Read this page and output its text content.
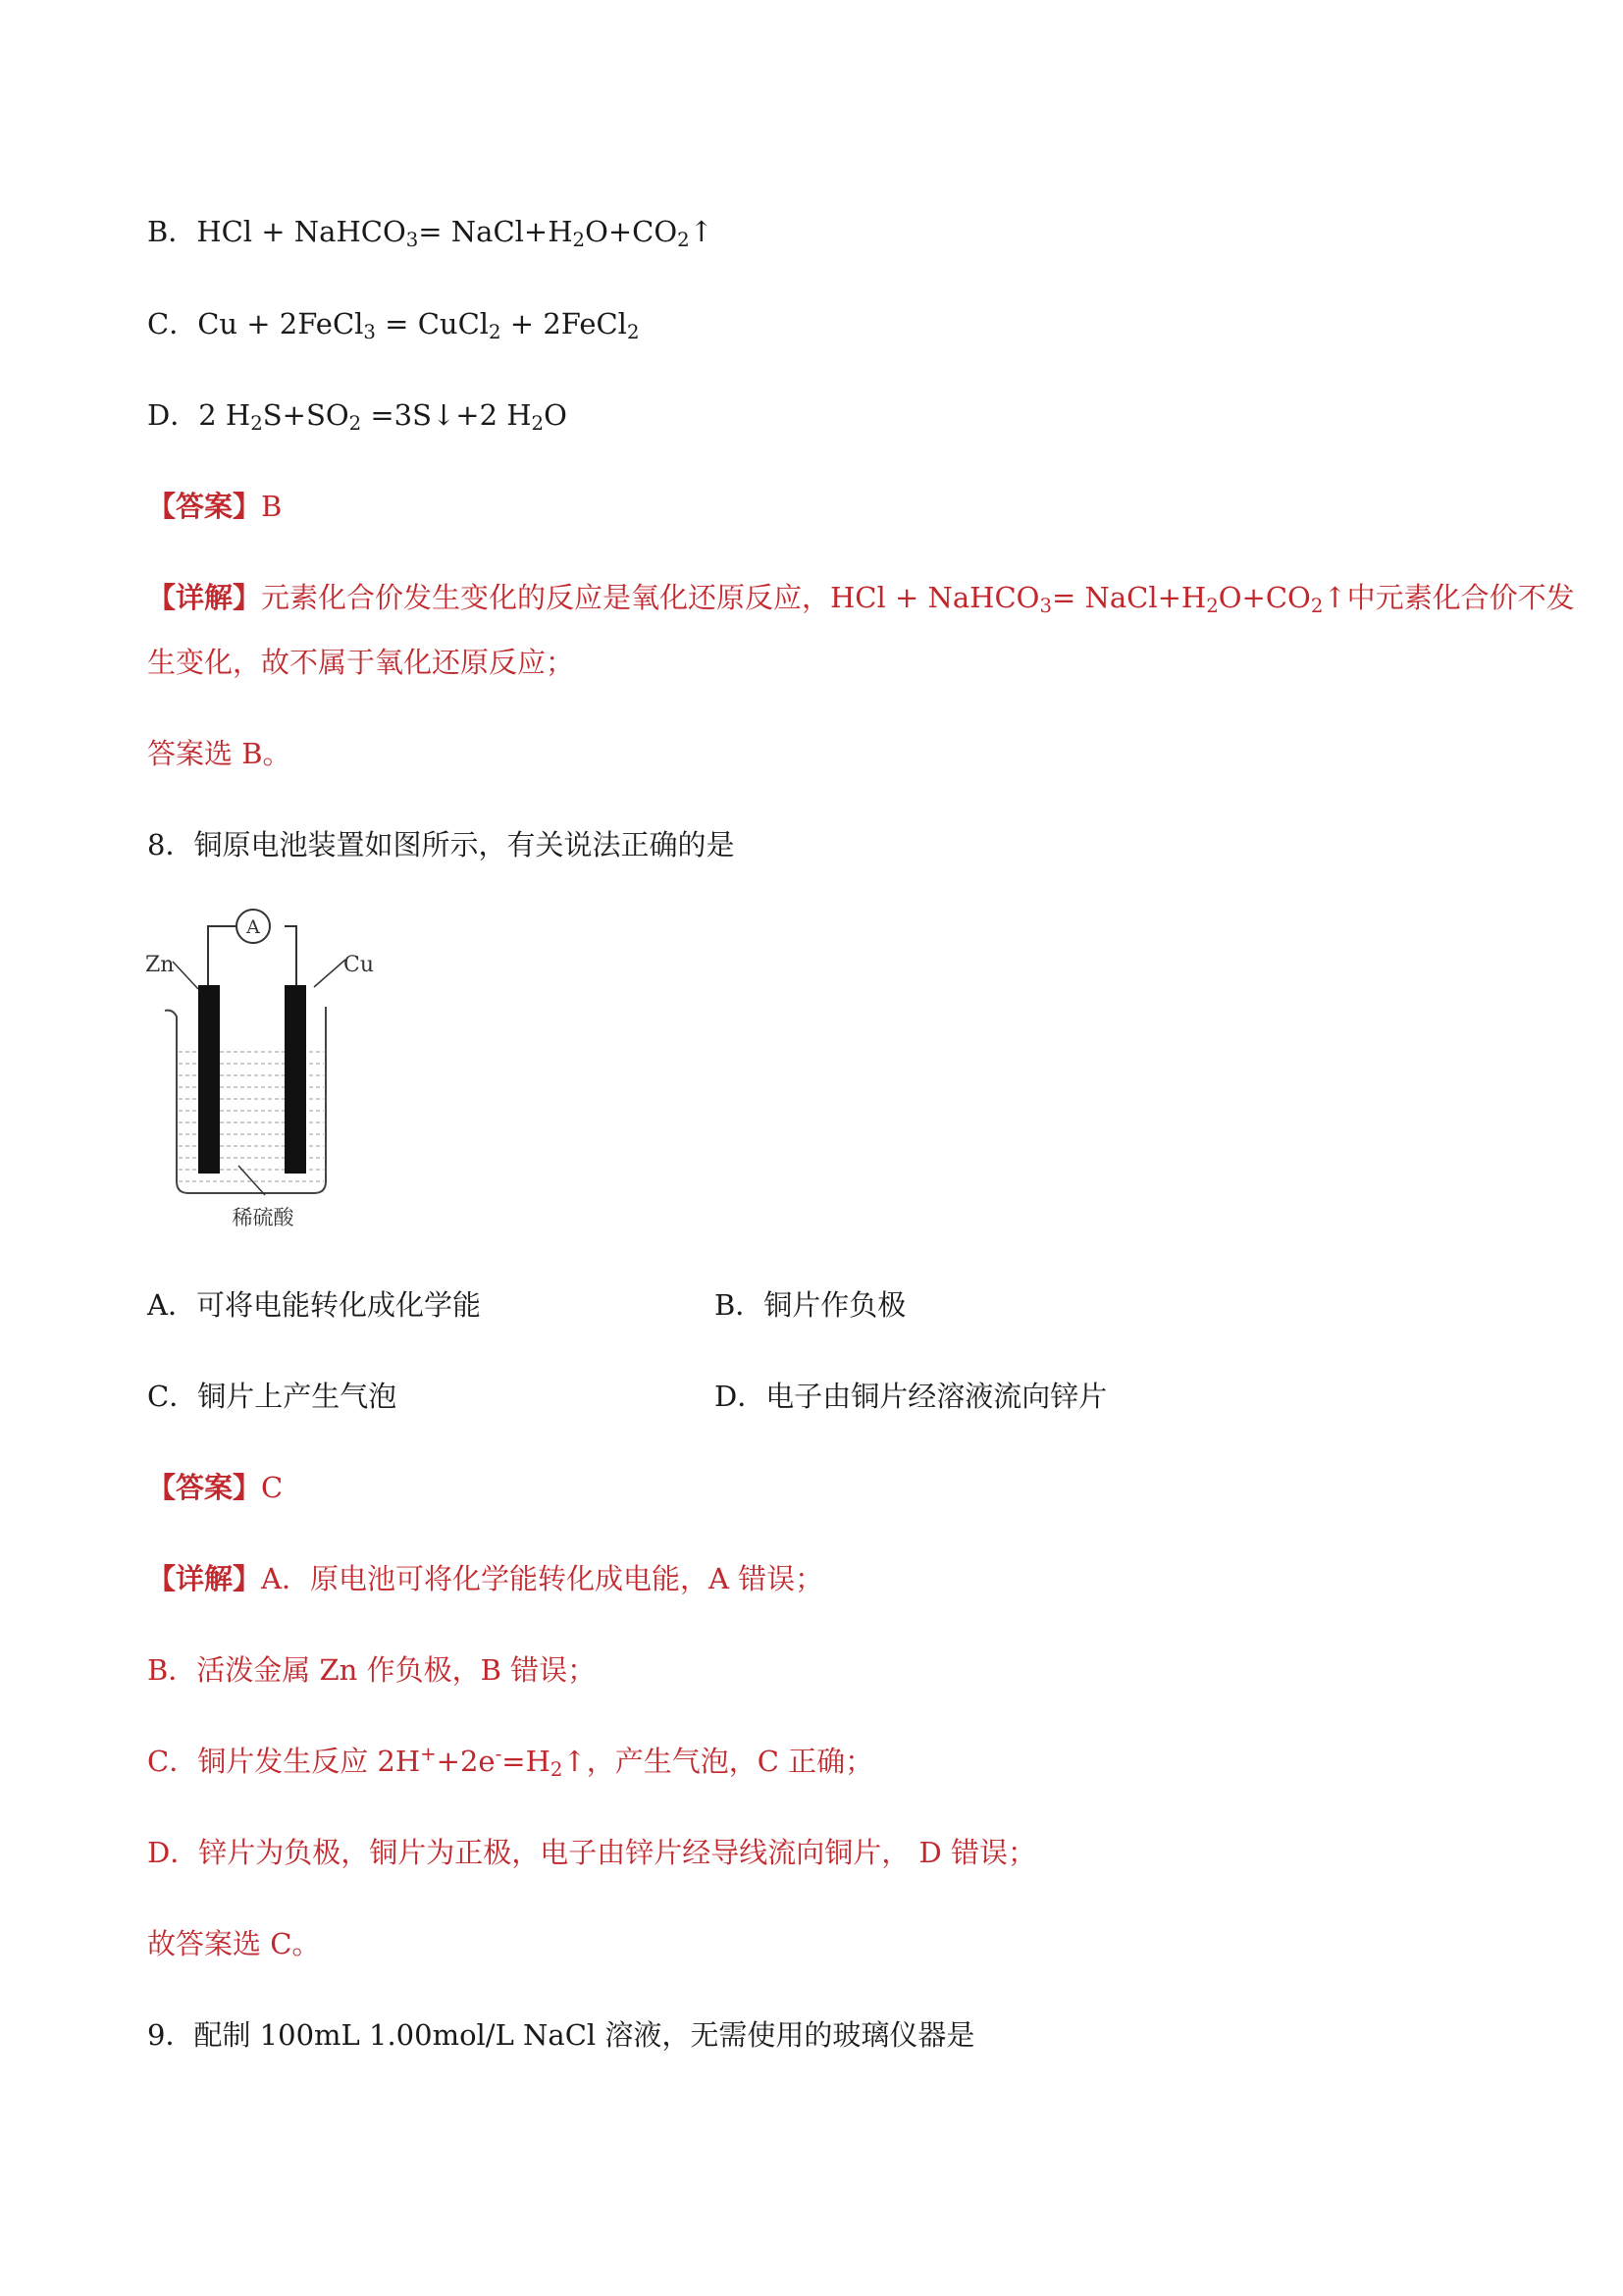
B．HCl + NaHCO$_3$= $NaCl+H_2O+CO_2↑$
C．Cu + 2FeCl$_3$ = CuCl$_2$ + 2FeCl$_2$
D．2 $H_2S+SO_2$ =3S↓+2 $H_2O$
【答案】B
【详解】元素化合价发生变化的反应是氧化还原反应，HCl + NaHCO$_3$= $NaCl+H_2O+CO_2↑$中元素化合价不发
生变化，故不属于氧化还原反应；
答案选 B。
8．铜原电池装置如图所示，有关说法正确的是
A
Zn	Cu
稀硫酸
A．可将电能转化成化学能	B．铜片作负极
C．铜片上产生气泡	D．电子由铜片经溶液流向锌片
【答案】C
【详解】A．原电池可将化学能转化成电能，A 错误；
B．活泼金属 Zn 作负极，B 错误；
C．铜片发生反应 $2H^++2e^-=H_2↑$，产生气泡，C 正确；
D．锌片为负极，铜片为正极，电子由锌片经导线流向铜片， D 错误；
故答案选 C。
9．配制 100mL 1.00mol/L NaCl 溶液，无需使用的玻璃仪器是
